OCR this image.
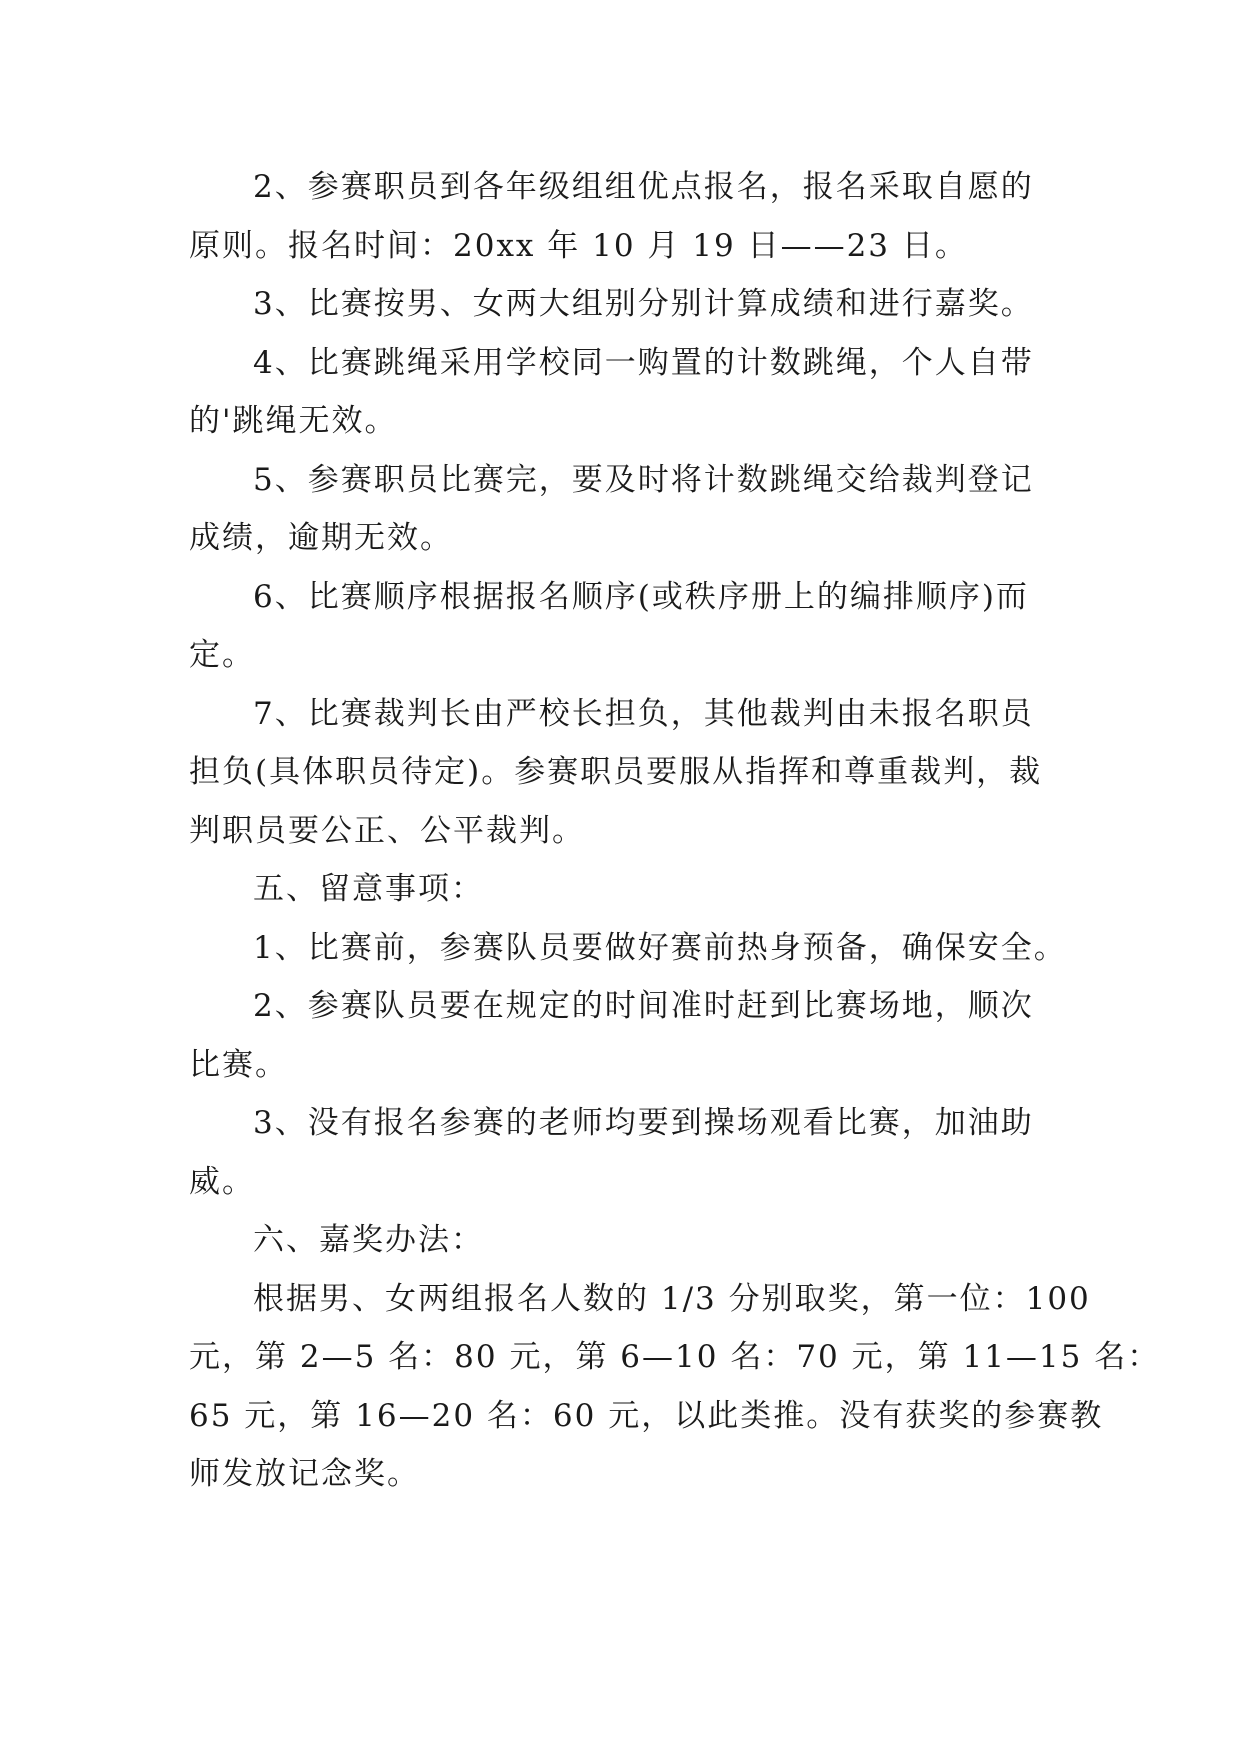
2、参赛职员到各年级组组优点报名，报名采取自愿的
原则。报名时间：20xx 年 10 月 19 日——23 日。
3、比赛按男、女两大组别分别计算成绩和进行嘉奖。
4、比赛跳绳采用学校同一购置的计数跳绳，个人自带
的'跳绳无效。
5、参赛职员比赛完，要及时将计数跳绳交给裁判登记
成绩，逾期无效。
6、比赛顺序根据报名顺序(或秩序册上的编排顺序)而
定。
7、比赛裁判长由严校长担负，其他裁判由未报名职员
担负(具体职员待定)。参赛职员要服从指挥和尊重裁判，裁
判职员要公正、公平裁判。
五、留意事项：
1、比赛前，参赛队员要做好赛前热身预备，确保安全。
2、参赛队员要在规定的时间准时赶到比赛场地，顺次
比赛。
3、没有报名参赛的老师均要到操场观看比赛，加油助
威。
六、嘉奖办法：
根据男、女两组报名人数的 1/3 分别取奖，第一位：100
元，第 2—5 名：80 元，第 6—10 名：70 元，第 11—15 名：
65 元，第 16—20 名：60 元，以此类推。没有获奖的参赛教
师发放记念奖。
